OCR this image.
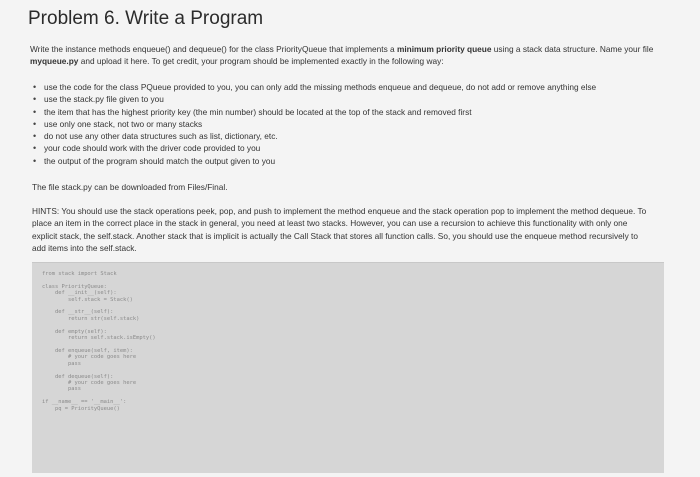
Problem 6. Write a Program
Write the instance methods enqueue() and dequeue() for the class PriorityQueue that implements a minimum priority queue using a stack data structure. Name your file myqueue.py and upload it here. To get credit, your program should be implemented exactly in the following way:
• use the code for the class PQueue provided to you, you can only add the missing methods enqueue and dequeue, do not add or remove anything else
• use the stack.py file given to you
• the item that has the highest priority key (the min number) should be located at the top of the stack and removed first
• use only one stack, not two or many stacks
• do not use any other data structures such as list, dictionary, etc.
• your code should work with the driver code provided to you
• the output of the program should match the output given to you
The file stack.py can be downloaded from Files/Final.
HINTS: You should use the stack operations peek, pop, and push to implement the method enqueue and the stack operation pop to implement the method dequeue. To place an item in the correct place in the stack in general, you need at least two stacks. However, you can use a recursion to achieve this functionality with only one explicit stack, the self.stack. Another stack that is implicit is actually the Call Stack that stores all function calls. So, you should use the enqueue method recursively to add items into the self.stack.
from stack import Stack

class PriorityQueue:
def __init__(self):
self.stack = Stack()

def __str__(self):
return str(self.stack)

def empty(self):
return self.stack.isEmpty()

def enqueue(self, item):
# your code goes here
pass

def dequeue(self):
# your code goes here
pass

if __name__ == '__main__':
pq = PriorityQueue()
